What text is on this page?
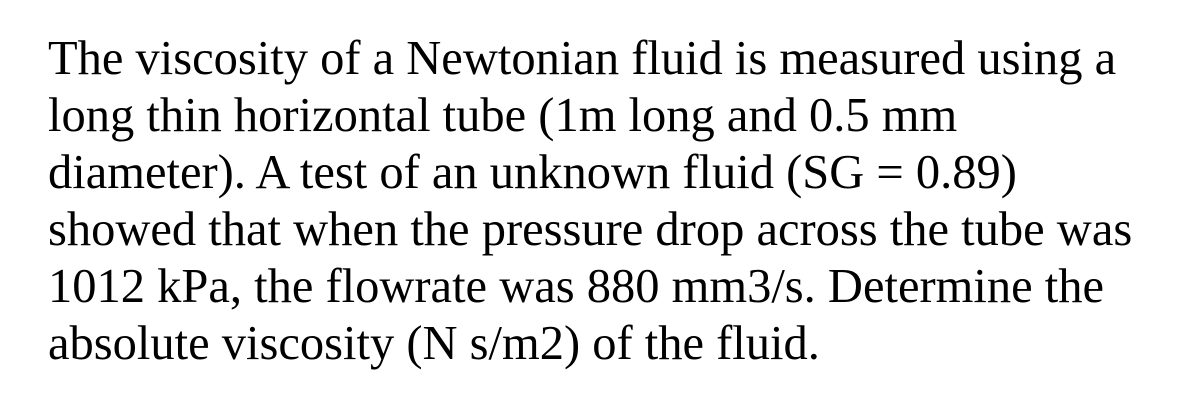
The viscosity of a Newtonian fluid is measured using a
long thin horizontal tube (1m long and 0.5 mm
diameter). A test of an unknown fluid (SG = 0.89)
showed that when the pressure drop across the tube was
1012 kPa, the flowrate was 880 mm3/s. Determine the
absolute viscosity (N s/m2) of the fluid.
